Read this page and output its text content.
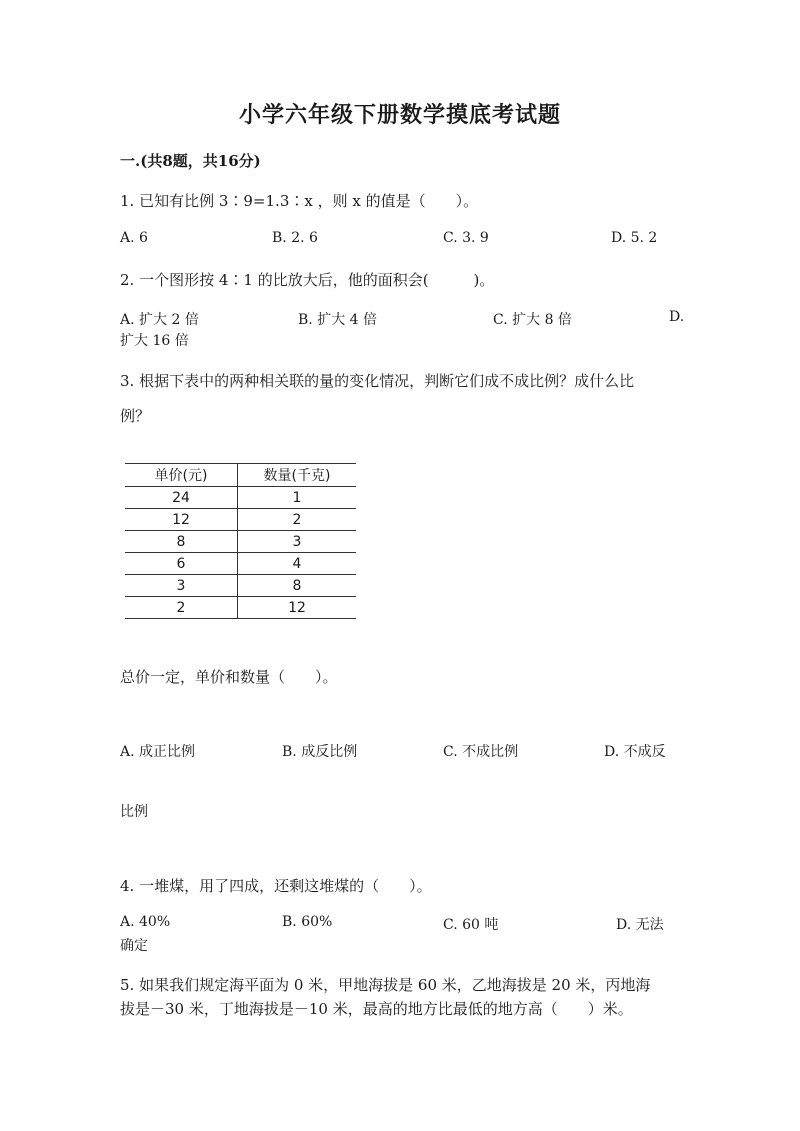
小学六年级下册数学摸底考试题
一.(共8题，共16分)
1. 已知有比例 3∶9=1.3∶x ，则 x 的值是（　　）。
A. 6	B. 2. 6	C. 3. 9	D. 5. 2
2. 一个图形按 4∶1 的比放大后，他的面积会(　　　)。
A. 扩大 2 倍	B. 扩大 4 倍	C. 扩大 8 倍	D.
扩大 16 倍
3. 根据下表中的两种相关联的量的变化情况，判断它们成不成比例？成什么比
例？
单价(元)	数量(千克)
24	1
12	2
8	3
6	4
3	8
2	12
总价一定，单价和数量（　　）。
A. 成正比例	B. 成反比例	C. 不成比例	D. 不成反
比例
4. 一堆煤，用了四成，还剩这堆煤的（　　）。
A. 40%	B. 60%	C. 60 吨	D. 无法
确定
5. 如果我们规定海平面为 0 米，甲地海拔是 60 米，乙地海拔是 20 米，丙地海
拔是－30 米，丁地海拔是－10 米，最高的地方比最低的地方高（　　）米。
